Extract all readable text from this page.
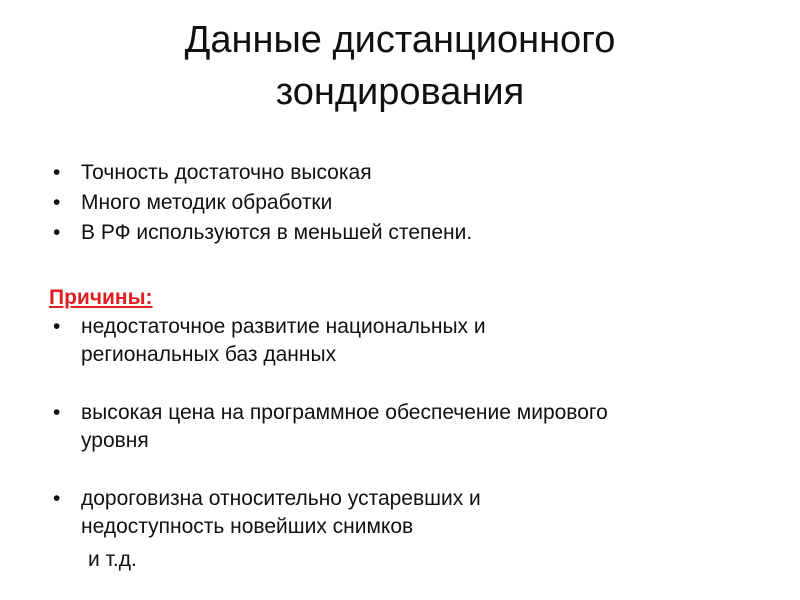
Данные дистанционного
зондирования
• Точность достаточно высокая
• Много методик обработки
• В РФ используются в меньшей степени.
Причины:
• недостаточное развитие национальных и
региональных баз данных
• высокая цена на программное обеспечение мирового
уровня
• дороговизна относительно устаревших и
недоступность новейших снимков
и т.д.
